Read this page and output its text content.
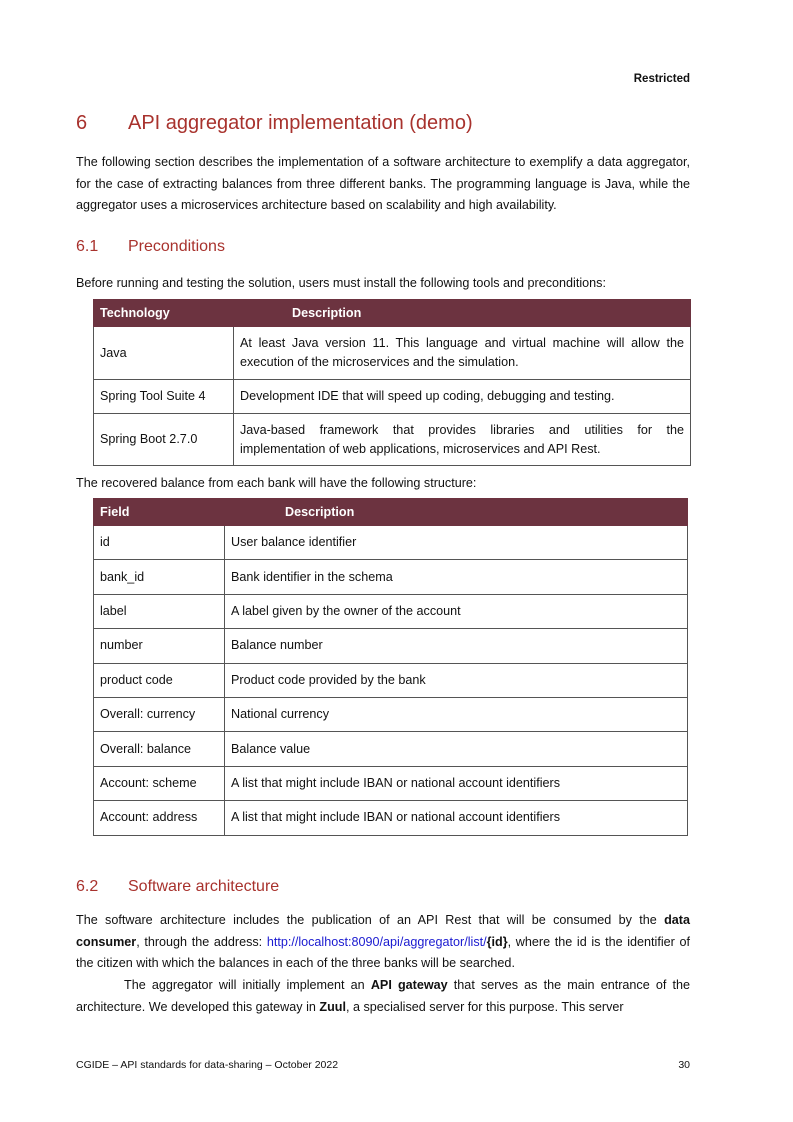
Restricted
6 API aggregator implementation (demo)
The following section describes the implementation of a software architecture to exemplify a data aggregator, for the case of extracting balances from three different banks. The programming language is Java, while the aggregator uses a microservices architecture based on scalability and high availability.
6.1 Preconditions
Before running and testing the solution, users must install the following tools and preconditions:
Technology	Description
Java	At least Java version 11. This language and virtual machine will allow the execution of the microservices and the simulation.
Spring Tool Suite 4	Development IDE that will speed up coding, debugging and testing.
Spring Boot 2.7.0	Java-based framework that provides libraries and utilities for the implementation of web applications, microservices and API Rest.
The recovered balance from each bank will have the following structure:
Field	Description
id	User balance identifier
bank_id	Bank identifier in the schema
label	A label given by the owner of the account
number	Balance number
product code	Product code provided by the bank
Overall: currency	National currency
Overall: balance	Balance value
Account: scheme	A list that might include IBAN or national account identifiers
Account: address	A list that might include IBAN or national account identifiers
6.2 Software architecture
The software architecture includes the publication of an API Rest that will be consumed by the data consumer, through the address: http://localhost:8090/api/aggregator/list/{id}, where the id is the identifier of the citizen with which the balances in each of the three banks will be searched.
The aggregator will initially implement an API gateway that serves as the main entrance of the architecture. We developed this gateway in Zuul, a specialised server for this purpose. This server
CGIDE – API standards for data-sharing – October 2022	30
